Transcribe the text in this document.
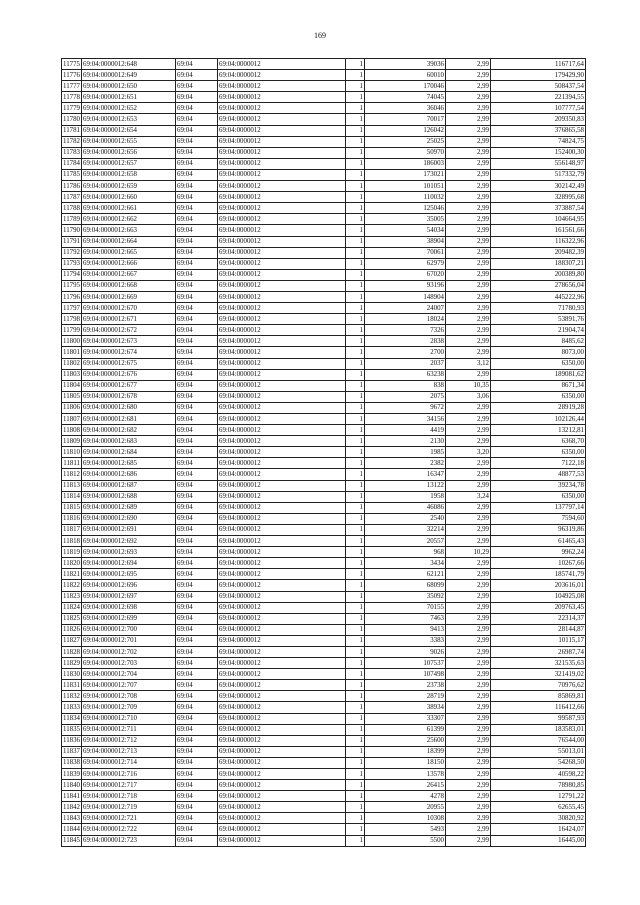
169
11775	69:04:0000012:648	69:04	69:04:0000012	1	39036	2,99	116717,64
11776	69:04:0000012:649	69:04	69:04:0000012	1	60010	2,99	179429,90
11777	69:04:0000012:650	69:04	69:04:0000012	1	170046	2,99	508437,54
11778	69:04:0000012:651	69:04	69:04:0000012	1	74045	2,99	221394,55
11779	69:04:0000012:652	69:04	69:04:0000012	1	36046	2,99	107777,54
11780	69:04:0000012:653	69:04	69:04:0000012	1	70017	2,99	209350,83
11781	69:04:0000012:654	69:04	69:04:0000012	1	126042	2,99	376865,58
11782	69:04:0000012:655	69:04	69:04:0000012	1	25025	2,99	74824,75
11783	69:04:0000012:656	69:04	69:04:0000012	1	50970	2,99	152400,30
11784	69:04:0000012:657	69:04	69:04:0000012	1	186003	2,99	556148,97
11785	69:04:0000012:658	69:04	69:04:0000012	1	173021	2,99	517332,79
11786	69:04:0000012:659	69:04	69:04:0000012	1	101051	2,99	302142,49
11787	69:04:0000012:660	69:04	69:04:0000012	1	110032	2,99	328995,68
11788	69:04:0000012:661	69:04	69:04:0000012	1	125046	2,99	373887,54
11789	69:04:0000012:662	69:04	69:04:0000012	1	35005	2,99	104664,95
11790	69:04:0000012:663	69:04	69:04:0000012	1	54034	2,99	161561,66
11791	69:04:0000012:664	69:04	69:04:0000012	1	38904	2,99	116322,96
11792	69:04:0000012:665	69:04	69:04:0000012	1	70061	2,99	209482,39
11793	69:04:0000012:666	69:04	69:04:0000012	1	62979	2,99	188307,21
11794	69:04:0000012:667	69:04	69:04:0000012	1	67020	2,99	200389,80
11795	69:04:0000012:668	69:04	69:04:0000012	1	93196	2,99	278656,04
11796	69:04:0000012:669	69:04	69:04:0000012	1	148904	2,99	445222,96
11797	69:04:0000012:670	69:04	69:04:0000012	1	24007	2,99	71780,93
11798	69:04:0000012:671	69:04	69:04:0000012	1	18024	2,99	53891,76
11799	69:04:0000012:672	69:04	69:04:0000012	1	7326	2,99	21904,74
11800	69:04:0000012:673	69:04	69:04:0000012	1	2838	2,99	8485,62
11801	69:04:0000012:674	69:04	69:04:0000012	1	2700	2,99	8073,00
11802	69:04:0000012:675	69:04	69:04:0000012	1	2037	3,12	6350,00
11803	69:04:0000012:676	69:04	69:04:0000012	1	63238	2,99	189081,62
11804	69:04:0000012:677	69:04	69:04:0000012	1	838	10,35	8671,34
11805	69:04:0000012:678	69:04	69:04:0000012	1	2075	3,06	6350,00
11806	69:04:0000012:680	69:04	69:04:0000012	1	9672	2,99	28919,28
11807	69:04:0000012:681	69:04	69:04:0000012	1	34156	2,99	102126,44
11808	69:04:0000012:682	69:04	69:04:0000012	1	4419	2,99	13212,81
11809	69:04:0000012:683	69:04	69:04:0000012	1	2130	2,99	6368,70
11810	69:04:0000012:684	69:04	69:04:0000012	1	1985	3,20	6350,00
11811	69:04:0000012:685	69:04	69:04:0000012	1	2382	2,99	7122,18
11812	69:04:0000012:686	69:04	69:04:0000012	1	16347	2,99	48877,53
11813	69:04:0000012:687	69:04	69:04:0000012	1	13122	2,99	39234,78
11814	69:04:0000012:688	69:04	69:04:0000012	1	1958	3,24	6350,00
11815	69:04:0000012:689	69:04	69:04:0000012	1	46086	2,99	137797,14
11816	69:04:0000012:690	69:04	69:04:0000012	1	2540	2,99	7594,60
11817	69:04:0000012:691	69:04	69:04:0000012	1	32214	2,99	96319,86
11818	69:04:0000012:692	69:04	69:04:0000012	1	20557	2,99	61465,43
11819	69:04:0000012:693	69:04	69:04:0000012	1	968	10,29	9962,24
11820	69:04:0000012:694	69:04	69:04:0000012	1	3434	2,99	10267,66
11821	69:04:0000012:695	69:04	69:04:0000012	1	62121	2,99	185741,79
11822	69:04:0000012:696	69:04	69:04:0000012	1	68099	2,99	203616,01
11823	69:04:0000012:697	69:04	69:04:0000012	1	35092	2,99	104925,08
11824	69:04:0000012:698	69:04	69:04:0000012	1	70155	2,99	209763,45
11825	69:04:0000012:699	69:04	69:04:0000012	1	7463	2,99	22314,37
11826	69:04:0000012:700	69:04	69:04:0000012	1	9413	2,99	28144,87
11827	69:04:0000012:701	69:04	69:04:0000012	1	3383	2,99	10115,17
11828	69:04:0000012:702	69:04	69:04:0000012	1	9026	2,99	26987,74
11829	69:04:0000012:703	69:04	69:04:0000012	1	107537	2,99	321535,63
11830	69:04:0000012:704	69:04	69:04:0000012	1	107498	2,99	321419,02
11831	69:04:0000012:707	69:04	69:04:0000012	1	23738	2,99	70976,62
11832	69:04:0000012:708	69:04	69:04:0000012	1	28719	2,99	85869,81
11833	69:04:0000012:709	69:04	69:04:0000012	1	38934	2,99	116412,66
11834	69:04:0000012:710	69:04	69:04:0000012	1	33307	2,99	99587,93
11835	69:04:0000012:711	69:04	69:04:0000012	1	61399	2,99	183583,01
11836	69:04:0000012:712	69:04	69:04:0000012	1	25600	2,99	76544,00
11837	69:04:0000012:713	69:04	69:04:0000012	1	18399	2,99	55013,01
11838	69:04:0000012:714	69:04	69:04:0000012	1	18150	2,99	54268,50
11839	69:04:0000012:716	69:04	69:04:0000012	1	13578	2,99	40598,22
11840	69:04:0000012:717	69:04	69:04:0000012	1	26415	2,99	78980,85
11841	69:04:0000012:718	69:04	69:04:0000012	1	4278	2,99	12791,22
11842	69:04:0000012:719	69:04	69:04:0000012	1	20955	2,99	62655,45
11843	69:04:0000012:721	69:04	69:04:0000012	1	10308	2,99	30820,92
11844	69:04:0000012:722	69:04	69:04:0000012	1	5493	2,99	16424,07
11845	69:04:0000012:723	69:04	69:04:0000012	1	5500	2,99	16445,00
